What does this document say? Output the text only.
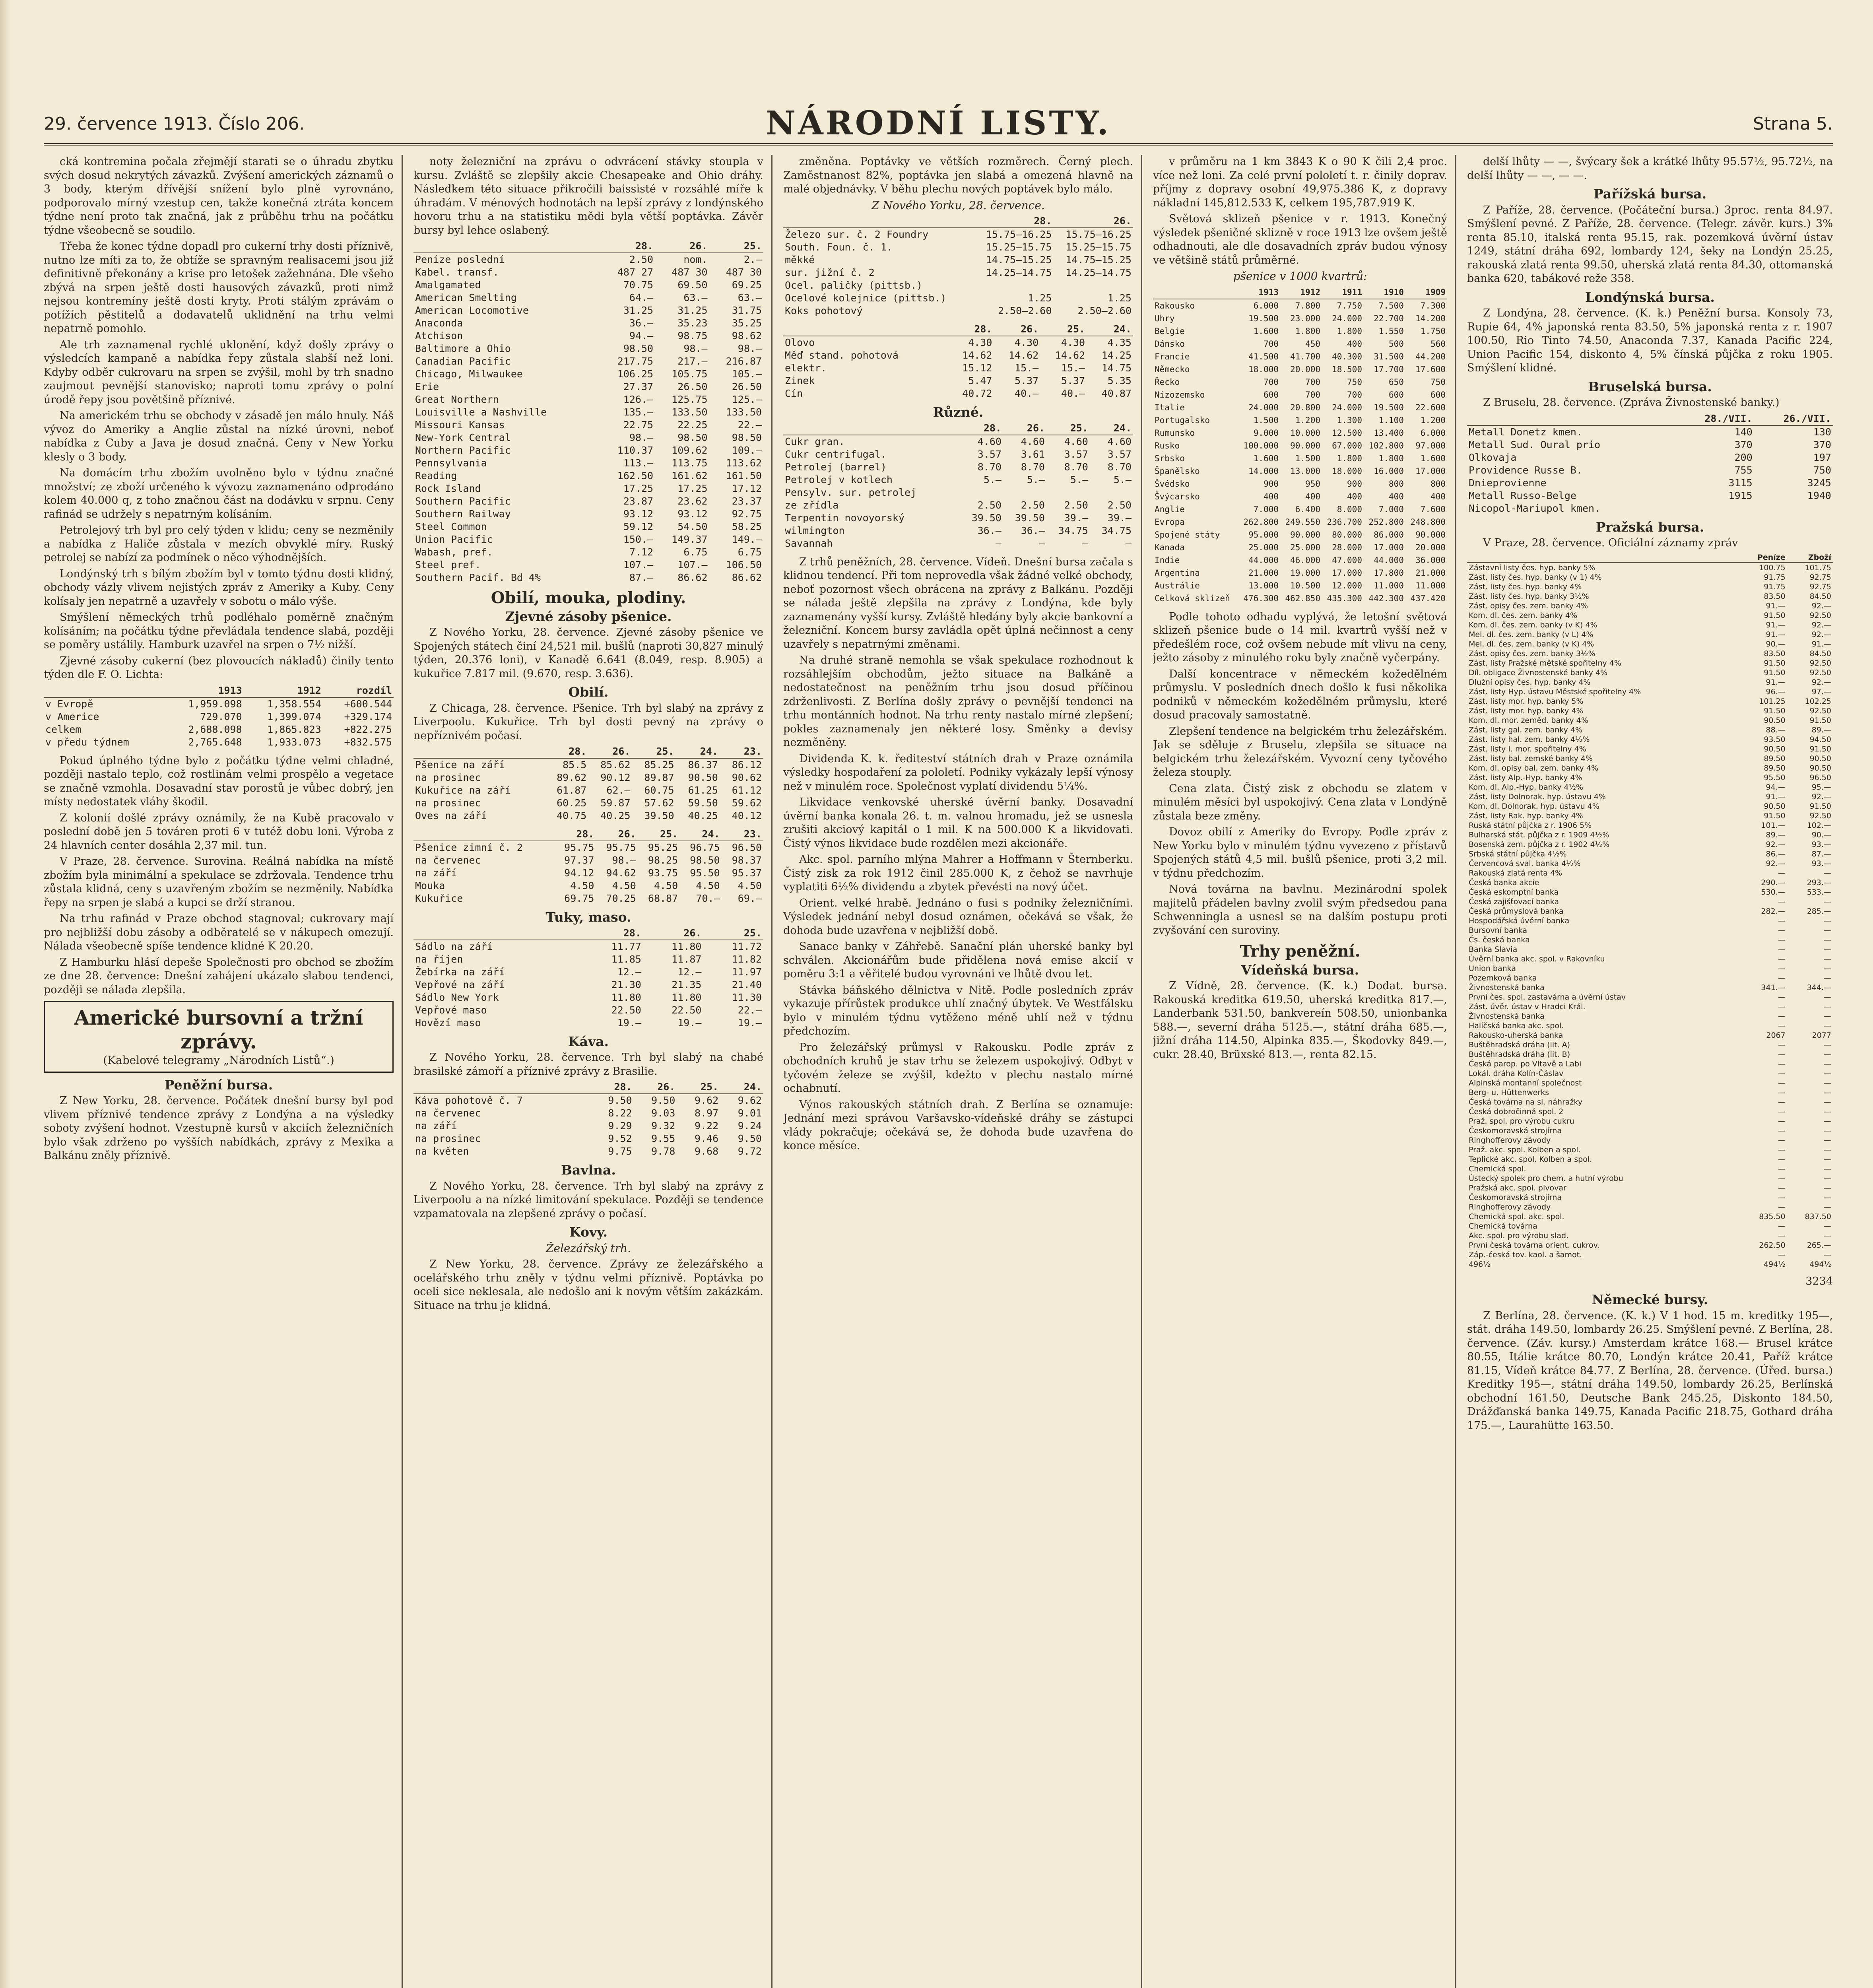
29. července 1913. Číslo 206.	NÁRODNÍ LISTY.	Strana 5.

cká kontremina počala zřejmějí starati se o úhradu zbytku svých dosud nekrytých závazků. Zvýšení amerických záznamů o 3 body, kterým dřívější snížení bylo plně vyrovnáno, podporovalo mírný vzestup cen, takže konečná ztráta koncem týdne není proto tak značná, jak z průběhu trhu na počátku týdne všeobecně se soudilo.

Třeba že konec týdne dopadl pro cukerní trhy dosti příznivě, nutno lze míti za to, že obtíže se spravným realisacemi jsou již definitivně překonány a krise pro letošek zažehnána. Dle všeho zbývá na srpen ještě dosti hausových závazků, proti nimž nejsou kontremíny ještě dosti kryty. Proti stálým zprávám o potížích pěstitelů a dodavatelů uklidnění na trhu velmi nepatrně pomohlo.

Ale trh zaznamenal rychlé uklonění, když došly zprávy o výsledcích kampaně a nabídka řepy zůstala slabší než loni. Kdyby odběr cukrovaru na srpen se zvýšil, mohl by trh snadno zaujmout pevnější stanovisko; naproti tomu zprávy o polní úrodě řepy jsou povětšině příznivé.

Na americkém trhu se obchody v zásadě jen málo hnuly. Náš vývoz do Ameriky a Anglie zůstal na nízké úrovni, neboť nabídka z Cuby a Java je dosud značná. Ceny v New Yorku klesly o 3 body.

Na domácím trhu zbožím uvolněno bylo v týdnu značné množství; ze zboží určeného k vývozu zaznamenáno odprodáno kolem 40.000 q, z toho značnou část na dodávku v srpnu. Ceny rafinád se udržely s nepatrným kolísáním.

Petrolejový trh byl pro celý týden v klidu; ceny se nezměnily a nabídka z Haliče zůstala v mezích obvyklé míry. Ruský petrolej se nabízí za podmínek o něco výhodnějších.

Londýnský trh s bílým zbožím byl v tomto týdnu dosti klidný, obchody vázly vlivem nejistých zpráv z Ameriky a Kuby. Ceny kolísaly jen nepatrně a uzavřely v sobotu o málo výše.

Smýšlení německých trhů podléhalo poměrně značným kolísáním; na počátku týdne převládala tendence slabá, později se poměry ustálily. Hamburk uzavřel na srpen o 7½ nižší.

Zjevné zásoby cukerní (bez plovoucích nákladů) činily tento týden dle F. O. Lichta:

	1913	1912	rozdíl
v Evropě	1,959.098	1,358.554	+600.544
v Americe	729.070	1,399.074	+329.174
celkem	2,688.098	1,865.823	+822.275
v předu týdnem	2,765.648	1,933.073	+832.575

Pokud úplného týdne bylo z počátku týdne velmi chladné, později nastalo teplo, což rostlinám velmi prospělo a vegetace se značně vzmohla. Dosavadní stav porostů je vůbec dobrý, jen místy nedostatek vláhy škodil.

Z kolonií došlé zprávy oznámily, že na Kubě pracovalo v poslední době jen 5 továren proti 6 v tutéž dobu loni. Výroba z 24 hlavních center dosáhla 2,37 mil. tun.

V Praze, 28. července. Surovina. Reálná nabídka na místě zbožím byla minimální a spekulace se zdržovala. Tendence trhu zůstala klidná, ceny s uzavřeným zbožím se nezměnily. Nabídka řepy na srpen je slabá a kupci se drží stranou.

Na trhu rafinád v Praze obchod stagnoval; cukrovary mají pro nejbližší dobu zásoby a odběratelé se v nákupech omezují. Nálada všeobecně spíše tendence klidné K 20.20.

Z Hamburku hlásí depeše Společnosti pro obchod se zbožím ze dne 28. července: Dnešní zahájení ukázalo slabou tendenci, později se nálada zlepšila.

Americké bursovní a tržní zprávy.
(Kabelové telegramy „Národních Listů“.)
Peněžní bursa.

Z New Yorku, 28. července. Počátek dnešní bursy byl pod vlivem příznivé tendence zprávy z Londýna a na výsledky soboty zvýšení hodnot. Vzestupně kursů v akciích železničních bylo však zdrženo po vyšších nabídkách, zprávy z Mexika a Balkánu zněly příznivě.

noty železniční na zprávu o odvrácení stávky stoupla v kursu. Zvláště se zlepšily akcie Chesapeake and Ohio dráhy. Následkem této situace přikročili baissisté v rozsáhlé míře k úhradám. V ménových hodnotách na lepší zprávy z londýnského hovoru trhu a na statistiku mědi byla větší poptávka. Závěr bursy byl lehce oslabený.

	28.	26.	25.
Peníze poslední	2.50	nom.	2.—
Kabel. transf.	487 27	487 30	487 30
Amalgamated	70.75	69.50	69.25
American Smelting	64.—	63.—	63.—
American Locomotive	31.25	31.25	31.75
Anaconda	36.—	35.23	35.25
Atchison	94.—	98.75	98.62
Baltimore a Ohio	98.50	98.—	98.—
Canadian Pacific	217.75	217.—	216.87
Chicago, Milwaukee	106.25	105.75	105.—
Erie	27.37	26.50	26.50
Great Northern	126.—	125.75	125.—
Louisville a Nashville	135.—	133.50	133.50
Missouri Kansas	22.75	22.25	22.—
New-York Central	98.—	98.50	98.50
Northern Pacific	110.37	109.62	109.—
Pennsylvania	113.—	113.75	113.62
Reading	162.50	161.62	161.50
Rock Island	17.25	17.25	17.12
Southern Pacific	23.87	23.62	23.37
Southern Railway	93.12	93.12	92.75
Steel Common	59.12	54.50	58.25
Union Pacific	150.—	149.37	149.—
Wabash, pref.	7.12	6.75	6.75
Steel pref.	107.—	107.—	106.50
Southern Pacif. Bd 4%	87.—	86.62	86.62
Obilí, mouka, plodiny.
Zjevné zásoby pšenice.

Z Nového Yorku, 28. července. Zjevné zásoby pšenice ve Spojených státech činí 24,521 mil. bušlů (naproti 30,827 minulý týden, 20.376 loni), v Kanadě 6.641 (8.049, resp. 8.905) a kukuřice 7.817 mil. (9.670, resp. 3.636).

Obilí.

Z Chicaga, 28. července. Pšenice. Trh byl slabý na zprávy z Liverpoolu. Kukuřice. Trh byl dosti pevný na zprávy o nepříznivém počasí.

	28.	26.	25.	24.	23.
Pšenice na září	85.5	85.62	85.25	86.37	86.12
na prosinec	89.62	90.12	89.87	90.50	90.62
Kukuřice na září	61.87	62.—	60.75	61.25	61.12
na prosinec	60.25	59.87	57.62	59.50	59.62
Oves na září	40.75	40.25	39.50	40.25	40.12
	28.	26.	25.	24.	23.
Pšenice zimní č. 2	95.75	95.75	95.25	96.75	96.50
na červenec	97.37	98.—	98.25	98.50	98.37
na září	94.12	94.62	93.75	95.50	95.37
Mouka	4.50	4.50	4.50	4.50	4.50
Kukuřice	69.75	70.25	68.87	70.—	69.—
Tuky, maso.
	28.	26.	25.
Sádlo na září	11.77	11.80	11.72
na říjen	11.85	11.87	11.82
Žebírka na září	12.—	12.—	11.97
Vepřové na září	21.30	21.35	21.40
Sádlo New York	11.80	11.80	11.30
Vepřové maso	22.50	22.50	22.—
Hovězí maso	19.—	19.—	19.—
Káva.

Z Nového Yorku, 28. července. Trh byl slabý na chabé brasilské zámoří a příznivé zprávy z Brasilie.

	28.	26.	25.	24.
Káva pohotově č. 7	9.50	9.50	9.62	9.62
na červenec	8.22	9.03	8.97	9.01
na září	9.29	9.32	9.22	9.24
na prosinec	9.52	9.55	9.46	9.50
na květen	9.75	9.78	9.68	9.72
Bavlna.

Z Nového Yorku, 28. července. Trh byl slabý na zprávy z Liverpoolu a na nízké limitování spekulace. Později se tendence vzpamatovala na zlepšené zprávy o počasí.

Kovy.
Železářský trh.

Z New Yorku, 28. července. Zprávy ze železářského a ocelářského trhu zněly v týdnu velmi příznivě. Poptávka po oceli sice neklesala, ale nedošlo ani k novým větším zakázkám. Situace na trhu je klidná.

změněna. Poptávky ve větších rozměrech. Černý plech. Zaměstnanost 82%, poptávka jen slabá a omezená hlavně na malé objednávky. V běhu plechu nových poptávek bylo málo.

Z Nového Yorku, 28. července.
	28.	26.
Železo sur. č. 2 Foundry	15.75—16.25	15.75—16.25
South. Foun. č. 1.	15.25—15.75	15.25—15.75
měkké	14.75—15.25	14.75—15.25
sur. jižní č. 2	14.25—14.75	14.25—14.75
Ocel. paličky (pittsb.)		
Ocelové kolejnice (pittsb.)	1.25	1.25
Koks pohotový	2.50—2.60	2.50—2.60
	28.	26.	25.	24.
Olovo	4.30	4.30	4.30	4.35
Měď stand. pohotová	14.62	14.62	14.62	14.25
elektr.	15.12	15.—	15.—	14.75
Zinek	5.47	5.37	5.37	5.35
Cín	40.72	40.—	40.—	40.87
Různé.
	28.	26.	25.	24.
Cukr gran.	4.60	4.60	4.60	4.60
Cukr centrifugal.	3.57	3.61	3.57	3.57
Petrolej (barrel)	8.70	8.70	8.70	8.70
Petrolej v kotlech	5.—	5.—	5.—	5.—
Pensylv. sur. petrolej				
ze zřídla	2.50	2.50	2.50	2.50
Terpentin novoyorský	39.50	39.50	39.—	39.—
wilmington	36.—	36.—	34.75	34.75
Savannah	—	—	—	—

Z trhů peněžních, 28. července. Vídeň. Dnešní bursa začala s klidnou tendencí. Při tom neprovedla však žádné velké obchody, neboť pozornost všech obrácena na zprávy z Balkánu. Později se nálada ještě zlepšila na zprávy z Londýna, kde byly zaznamenány vyšší kursy. Zvláště hledány byly akcie bankovní a železniční. Koncem bursy zavládla opět úplná nečinnost a ceny uzavřely s nepatrnými změnami.

Na druhé straně nemohla se však spekulace rozhodnout k rozsáhlejším obchodům, ježto situace na Balkáně a nedostatečnost na peněžním trhu jsou dosud příčinou zdrženlivosti. Z Berlína došly zprávy o pevnější tendenci na trhu montánních hodnot. Na trhu renty nastalo mírné zlepšení; pokles zaznamenaly jen některé losy. Směnky a devisy nezměněny.

Dividenda K. k. řediteství státních drah v Praze oznámila výsledky hospodaření za pololetí. Podniky vykázaly lepší výnosy než v minulém roce. Společnost vyplatí dividendu 5¼%.

Likvidace venkovské uherské úvěrní banky. Dosavadní úvěrní banka konala 26. t. m. valnou hromadu, jež se usnesla zrušiti akciový kapitál o 1 mil. K na 500.000 K a likvidovati. Čistý výnos likvidace bude rozdělen mezi akcionáře.

Akc. spol. parního mlýna Mahrer a Hoffmann v Šternberku. Čistý zisk za rok 1912 činil 285.000 K, z čehož se navrhuje vyplatiti 6½% dividendu a zbytek převésti na nový účet.

Orient. velké hrabě. Jednáno o fusi s podniky železničními. Výsledek jednání nebyl dosud oznámen, očekává se však, že dohoda bude uzavřena v nejbližší době.

Sanace banky v Záhřebě. Sanační plán uherské banky byl schválen. Akcionářům bude přidělena nová emise akcií v poměru 3:1 a věřitelé budou vyrovnáni ve lhůtě dvou let.

Stávka báňského dělnictva v Nitě. Podle posledních zpráv vykazuje přírůstek produkce uhlí značný úbytek. Ve Westfálsku bylo v minulém týdnu vytěženo méně uhlí než v týdnu předchozím.

Pro železářský průmysl v Rakousku. Podle zpráv z obchodních kruhů je stav trhu se železem uspokojivý. Odbyt v tyčovém železe se zvýšil, kdežto v plechu nastalo mírné ochabnutí.

Výnos rakouských státních drah. Z Berlína se oznamuje: Jednání mezi správou Varšavsko-vídeňské dráhy se zástupci vlády pokračuje; očekává se, že dohoda bude uzavřena do konce měsíce.

v průměru na 1 km 3843 K o 90 K čili 2,4 proc. více než loni. Za celé první pololetí t. r. činily doprav. příjmy z dopravy osobní 49,975.386 K, z dopravy nákladní 145,812.533 K, celkem 195,787.919 K.

Světová sklizeň pšenice v r. 1913. Konečný výsledek pšeničné sklizně v roce 1913 lze ovšem ještě odhadnouti, ale dle dosavadních zpráv budou výnosy ve většině států průměrné.

pšenice v 1000 kvartrů:
	1913	1912	1911	1910	1909
Rakousko	6.000	7.800	7.750	7.500	7.300
Uhry	19.500	23.000	24.000	22.700	14.200
Belgie	1.600	1.800	1.800	1.550	1.750
Dánsko	700	450	400	500	560
Francie	41.500	41.700	40.300	31.500	44.200
Německo	18.000	20.000	18.500	17.700	17.600
Řecko	700	700	750	650	750
Nizozemsko	600	700	700	600	600
Italie	24.000	20.800	24.000	19.500	22.600
Portugalsko	1.500	1.200	1.300	1.100	1.200
Rumunsko	9.000	10.000	12.500	13.400	6.000
Rusko	100.000	90.000	67.000	102.800	97.000
Srbsko	1.600	1.500	1.800	1.800	1.600
Španělsko	14.000	13.000	18.000	16.000	17.000
Švédsko	900	950	900	800	800
Švýcarsko	400	400	400	400	400
Anglie	7.000	6.400	8.000	7.000	7.600
Evropa	262.800	249.550	236.700	252.800	248.800
Spojené státy	95.000	90.000	80.000	86.000	90.000
Kanada	25.000	25.000	28.000	17.000	20.000
Indie	44.000	46.000	47.000	44.000	36.000
Argentina	21.000	19.000	17.000	17.800	21.000
Austrálie	13.000	10.500	12.000	11.000	11.000
Celková sklizeň	476.300	462.850	435.300	442.300	437.420

Podle tohoto odhadu vyplývá, že letošní světová sklizeň pšenice bude o 14 mil. kvartrů vyšší než v předešlém roce, což ovšem nebude mít vlivu na ceny, ježto zásoby z minulého roku byly značně vyčerpány.

Další koncentrace v německém kožedělném průmyslu. V posledních dnech došlo k fusi několika podniků v německém kožedělném průmyslu, které dosud pracovaly samostatně.

Zlepšení tendence na belgickém trhu železářském. Jak se sděluje z Bruselu, zlepšila se situace na belgickém trhu železářském. Vyvozní ceny tyčového železa stouply.

Cena zlata. Čistý zisk z obchodu se zlatem v minulém měsíci byl uspokojivý. Cena zlata v Londýně zůstala beze změny.

Dovoz obilí z Ameriky do Evropy. Podle zpráv z New Yorku bylo v minulém týdnu vyvezeno z přístavů Spojených států 4,5 mil. bušlů pšenice, proti 3,2 mil. v týdnu předchozím.

Nová továrna na bavlnu. Mezinárodní spolek majitelů přádelen bavlny zvolil svým předsedou pana Schwenningla a usnesl se na dalším postupu proti zvyšování cen suroviny.

Trhy peněžní.
Vídeňská bursa.

Z Vídně, 28. července. (K. k.) Dodat. bursa. Rakouská kreditka 619.50, uherská kreditka 817.—, Landerbank 531.50, bankvereín 508.50, unionbanka 588.—, severní dráha 5125.—, státní dráha 685.—, jižní dráha 114.50, Alpinka 835.—, Škodovky 849.—, cukr. 28.40, Brüxské 813.—, renta 82.15.

delší lhůty — —, švýcary šek a krátké lhůty 95.57½, 95.72½, na delší lhůty — —, — —.

Pařížská bursa.

Z Paříže, 28. července. (Počáteční bursa.) 3proc. renta 84.97. Smýšlení pevné. Z Paříže, 28. července. (Telegr. závěr. kurs.) 3% renta 85.10, italská renta 95.15, rak. pozemková úvěrní ústav 1249, státní dráha 692, lombardy 124, šeky na Londýn 25.25, rakouská zlatá renta 99.50, uherská zlatá renta 84.30, ottomanská banka 620, tabákové reže 358.

Londýnská bursa.

Z Londýna, 28. července. (K. k.) Peněžní bursa. Konsoly 73, Rupie 64, 4% japonská renta 83.50, 5% japonská renta z r. 1907 100.50, Rio Tinto 74.50, Anaconda 7.37, Kanada Pacific 224, Union Pacific 154, diskonto 4, 5% čínská půjčka z roku 1905. Smýšlení klidné.

Bruselská bursa.

Z Bruselu, 28. července. (Zpráva Živnostenské banky.)

	28./VII.	26./VII.
Metall Donetz kmen.	140	130
Metall Sud. Oural prio	370	370
Olkovaja	200	197
Providence Russe B.	755	750
Dnieprovienne	3115	3245
Metall Russo-Belge	1915	1940
Nicopol-Mariupol kmen.		
Pražská bursa.

V Praze, 28. července. Oficiální záznamy zpráv

	Peníze	Zboží
Zástavní listy čes. hyp. banky 5%	100.75	101.75
Zást. listy čes. hyp. banky (v 1) 4%	91.75	92.75
Zást. listy čes. hyp. banky 4%	91.75	92.75
Zást. listy čes. hyp. banky 3½%	83.50	84.50
Zást. opisy čes. zem. banky 4%	91.—	92.—
Kom. dl. čes. zem. banky 4%	91.50	92.50
Kom. dl. čes. zem. banky (v K) 4%	91.—	92.—
Mel. dl. čes. zem. banky (v L) 4%	91.—	92.—
Mel. dl. čes. zem. banky (v K) 4%	90.—	91.—
Zást. opisy čes. zem. banky 3½%	83.50	84.50
Zást. listy Pražské mětské spořitelny 4%	91.50	92.50
Díl. obligace Živnostenské banky 4%	91.50	92.50
Dlužní opisy čes. hyp. banky 4%	91.—	92.—
Zást. listy Hyp. ústavu Městské spořitelny 4%	96.—	97.—
Zást. listy mor. hyp. banky 5%	101.25	102.25
Zást. listy mor. hyp. banky 4%	91.50	92.50
Kom. dl. mor. zeměd. banky 4%	90.50	91.50
Zást. listy gal. zem. banky 4%	88.—	89.—
Zást. listy hal. zem. banky 4½%	93.50	94.50
Zást. listy I. mor. spořitelny 4%	90.50	91.50
Zást. listy bal. zemské banky 4%	89.50	90.50
Kom. dl. opisy bal. zem. banky 4%	89.50	90.50
Zást. listy Alp.-Hyp. banky 4%	95.50	96.50
Kom. dl. Alp.-Hyp. banky 4½%	94.—	95.—
Zást. listy Dolnorak. hyp. ústavu 4%	91.—	92.—
Kom. dl. Dolnorak. hyp. ústavu 4%	90.50	91.50
Zást. listy Rak. hyp. banky 4%	91.50	92.50
Ruská státní půjčka z r. 1906 5%	101.—	102.—
Bulharská stát. půjčka z r. 1909 4½%	89.—	90.—
Bosenská zem. půjčka z r. 1902 4½%	92.—	93.—
Srbská státní půjčka 4½%	86.—	87.—
Červencová sval. banka 4½%	92.—	93.—
Rakouská zlatá renta 4%	—	—
Česká banka akcie	290.—	293.—
Česká eskomptní banka	530.—	533.—
Česká zajišťovací banka	—	—
Česká průmyslová banka	282.—	285.—
Hospodářská úvěrní banka	—	—
Bursovní banka	—	—
Čs. česká banka	—	—
Banka Slavia	—	—
Úvěrní banka akc. spol. v Rakovníku	—	—
Union banka	—	—
Pozemková banka	—	—
Živnostenská banka	341.—	344.—
První čes. spol. zastavárna a úvěrní ústav	—	—
Zást. úvěr. ústav v Hradci Král.	—	—
Živnostenská banka	—	—
Halíčská banka akc. spol.	—	—
Rakousko-uherská banka	2067	2077
Buštěhradská dráha (lit. A)	—	—
Buštěhradská dráha (lit. B)	—	—
Česká parop. po Vltavě a Labi	—	—
Lokál. dráha Kolín-Čáslav	—	—
Alpinská montanní společnost	—	—
Berg- u. Hüttenwerks	—	—
Česká továrna na sl. náhražky	—	—
Česká dobročinná spol. 2	—	—
Praž. spol. pro výrobu cukru	—	—
Českomoravská strojírna	—	—
Ringhofferovy závody	—	—
Praž. akc. spol. Kolben a spol.	—	—
Teplické akc. spol. Kolben a spol.	—	—
Chemická spol.	—	—
Ústecký spolek pro chem. a hutní výrobu	—	—
Pražská akc. spol. pivovar	—	—
Českomoravská strojírna	—	—
Ringhofferovy závody	—	—
Chemická spol. akc. spol.	835.50	837.50
Chemická továrna	—	—
Akc. spol. pro výrobu slad.	—	—
První česká továrna orient. cukrov.	262.50	265.—
Záp.-česká tov. kaol. a šamot.	—	—
496½	494½	494½
3234
Německé bursy.

Z Berlína, 28. července. (K. k.) V 1 hod. 15 m. kreditky 195—, stát. dráha 149.50, lombardy 26.25. Smýšlení pevné. Z Berlína, 28. července. (Záv. kursy.) Amsterdam krátce 168.— Brusel krátce 80.55, Itálie krátce 80.70, Londýn krátce 20.41, Paříž krátce 81.15, Vídeň krátce 84.77. Z Berlína, 28. července. (Úřed. bursa.) Kreditky 195—, státní dráha 149.50, lombardy 26.25, Berlínská obchodní 161.50, Deutsche Bank 245.25, Diskonto 184.50, Drážďanská banka 149.75, Kanada Pacific 218.75, Gothard dráha 175.—, Laurahütte 163.50.
